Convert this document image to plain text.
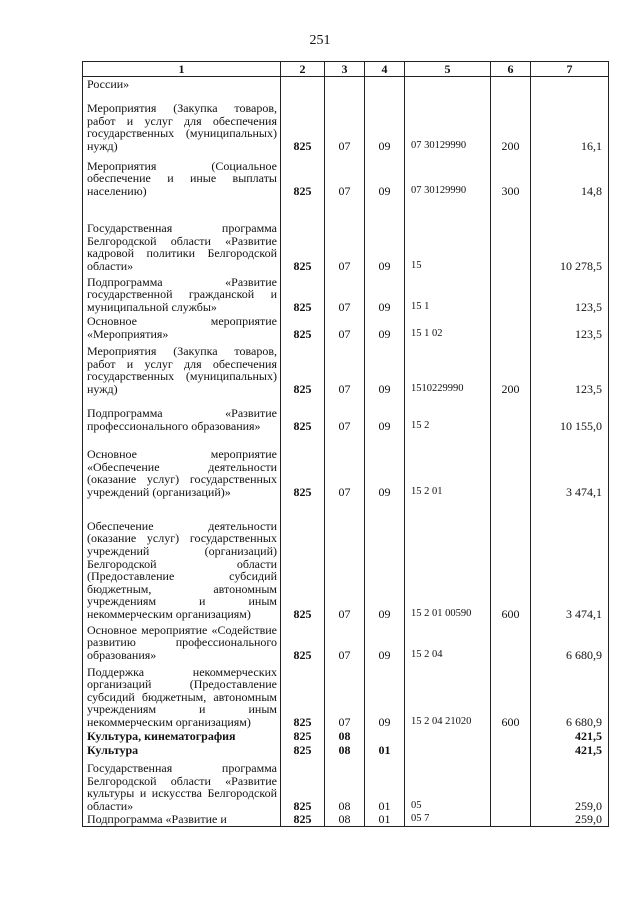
251
1	2	3	4	5	6	7
России»						
Мероприятия (Закупка товаров, работ и услуг для обеспечения государственных (муниципальных) нужд)	825	07	09	07 30129990	200	16,1
Мероприятия (Социальное обеспечение и иные выплаты населению)	825	07	09	07 30129990	300	14,8
Государственная программа Белгородской области «Развитие кадровой политики Белгородской области»	825	07	09	15		10 278,5
Подпрограмма «Развитие государственной гражданской и муниципальной службы»	825	07	09	15 1		123,5
Основное мероприятие «Мероприятия»	825	07	09	15 1 02		123,5
Мероприятия (Закупка товаров, работ и услуг для обеспечения государственных (муниципальных) нужд)	825	07	09	1510229990	200	123,5
Подпрограмма «Развитие профессионального образования»	825	07	09	15 2		10 155,0
Основное мероприятие «Обеспечение деятельности (оказание услуг) государственных учреждений (организаций)»	825	07	09	15 2 01		3 474,1
Обеспечение деятельности (оказание услуг) государственных учреждений (организаций) Белгородской области (Предоставление субсидий бюджетным, автономным учреждениям и иным некоммерческим организациям)	825	07	09	15 2 01 00590	600	3 474,1
Основное мероприятие «Содействие развитию профессионального образования»	825	07	09	15 2 04		6 680,9
Поддержка некоммерческих организаций (Предоставление субсидий бюджетным, автономным учреждениям и иным некоммерческим организациям)	825	07	09	15 2 04 21020	600	6 680,9
Культура, кинематография	825	08				421,5
Культура	825	08	01			421,5
Государственная программа Белгородской области «Развитие культуры и искусства Белгородской области»	825	08	01	05		259,0
Подпрограмма «Развитие и	825	08	01	05 7		259,0
